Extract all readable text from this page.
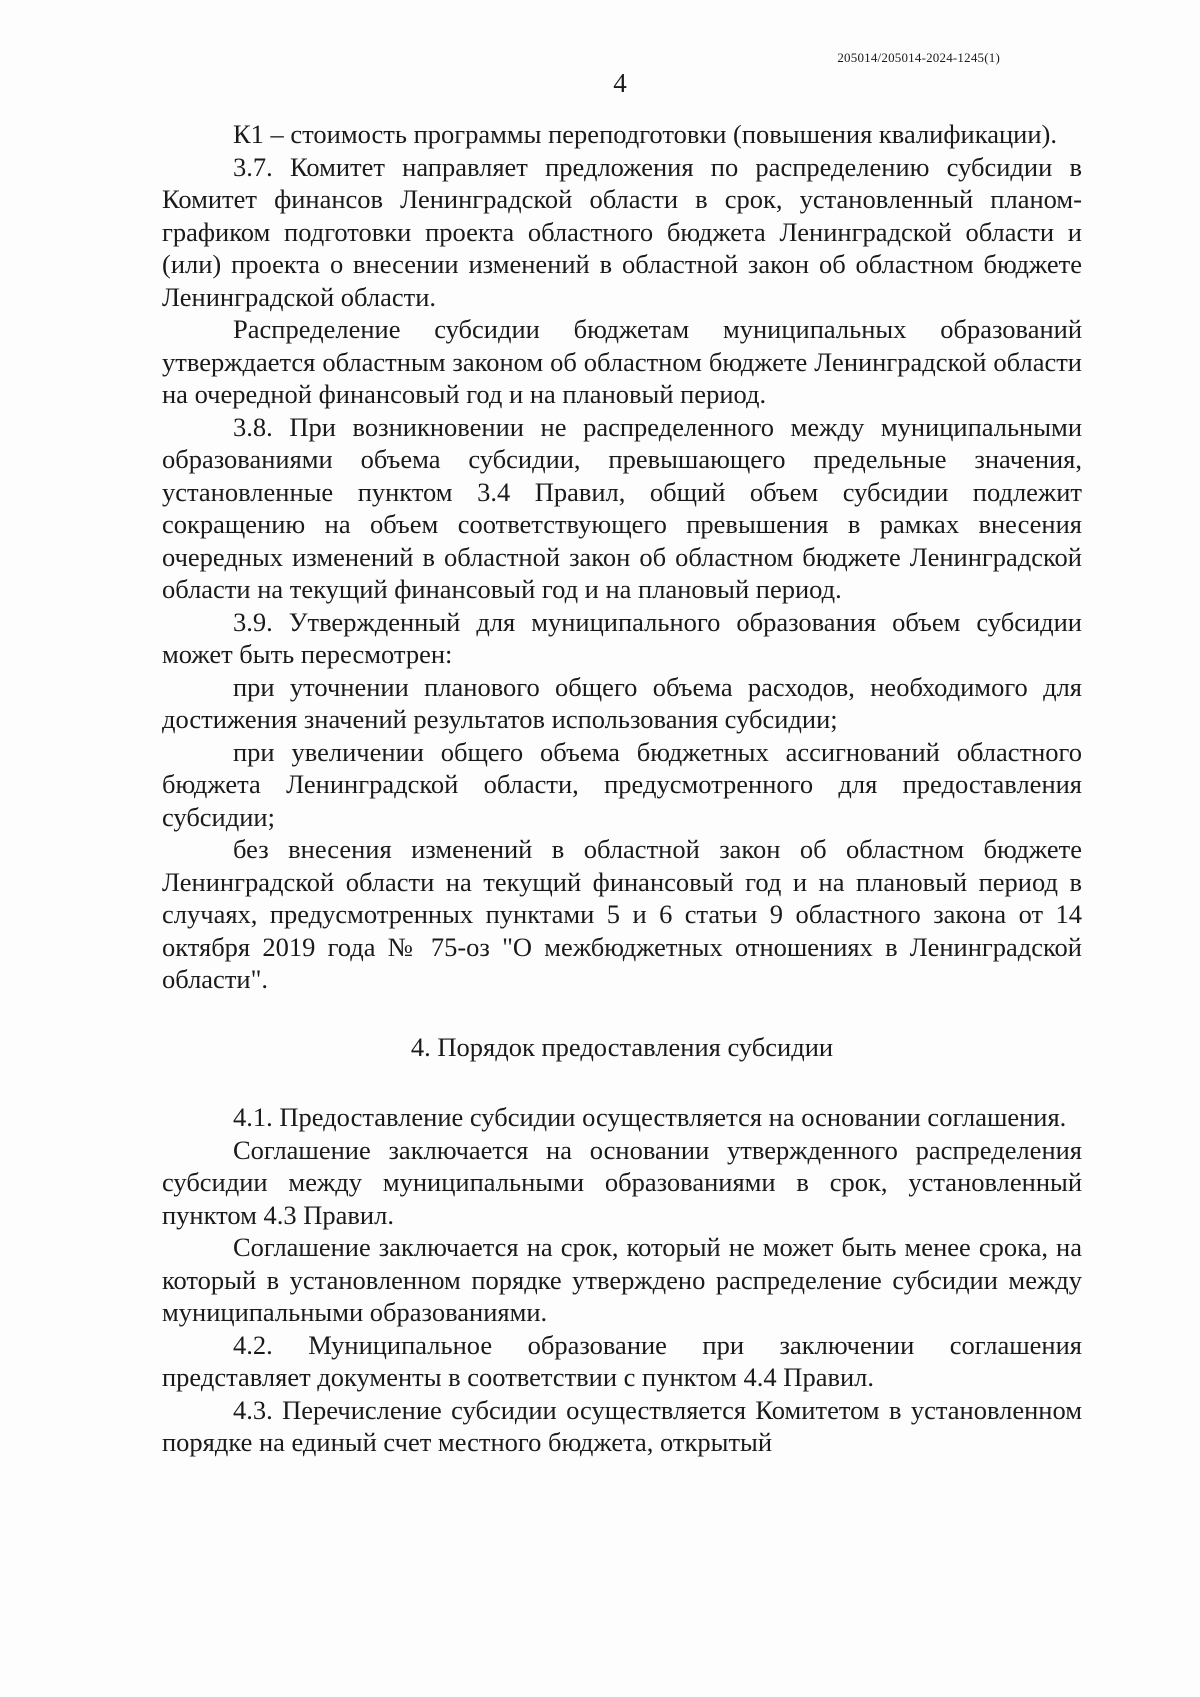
205014/205014-2024-1245(1)
4

К1 – стоимость программы переподготовки (повышения квалификации).

3.7. Комитет направляет предложения по распределению субсидии в Комитет финансов Ленинградской области в срок, установленный планом-графиком подготовки проекта областного бюджета Ленинградской области и (или) проекта о внесении изменений в областной закон об областном бюджете Ленинградской области.

Распределение субсидии бюджетам муниципальных образований утверждается областным законом об областном бюджете Ленинградской области на очередной финансовый год и на плановый период.

3.8. При возникновении не распределенного между муниципальными образованиями объема субсидии, превышающего предельные значения, установленные пунктом 3.4 Правил, общий объем субсидии подлежит сокращению на объем соответствующего превышения в рамках внесения очередных изменений в областной закон об областном бюджете Ленинградской области на текущий финансовый год и на плановый период.

3.9. Утвержденный для муниципального образования объем субсидии может быть пересмотрен:

при уточнении планового общего объема расходов, необходимого для достижения значений результатов использования субсидии;

при увеличении общего объема бюджетных ассигнований областного бюджета Ленинградской области, предусмотренного для предоставления субсидии;

без внесения изменений в областной закон об областном бюджете Ленинградской области на текущий финансовый год и на плановый период в случаях, предусмотренных пунктами 5 и 6 статьи 9 областного закона от 14 октября 2019 года № 75-оз "О межбюджетных отношениях в Ленинградской области".

4. Порядок предоставления субсидии

4.1. Предоставление субсидии осуществляется на основании соглашения.

Соглашение заключается на основании утвержденного распределения субсидии между муниципальными образованиями в срок, установленный пунктом 4.3 Правил.

Соглашение заключается на срок, который не может быть менее срока, на который в установленном порядке утверждено распределение субсидии между муниципальными образованиями.

4.2. Муниципальное образование при заключении соглашения представляет документы в соответствии с пунктом 4.4 Правил.

4.3. Перечисление субсидии осуществляется Комитетом в установленном порядке на единый счет местного бюджета, открытый
